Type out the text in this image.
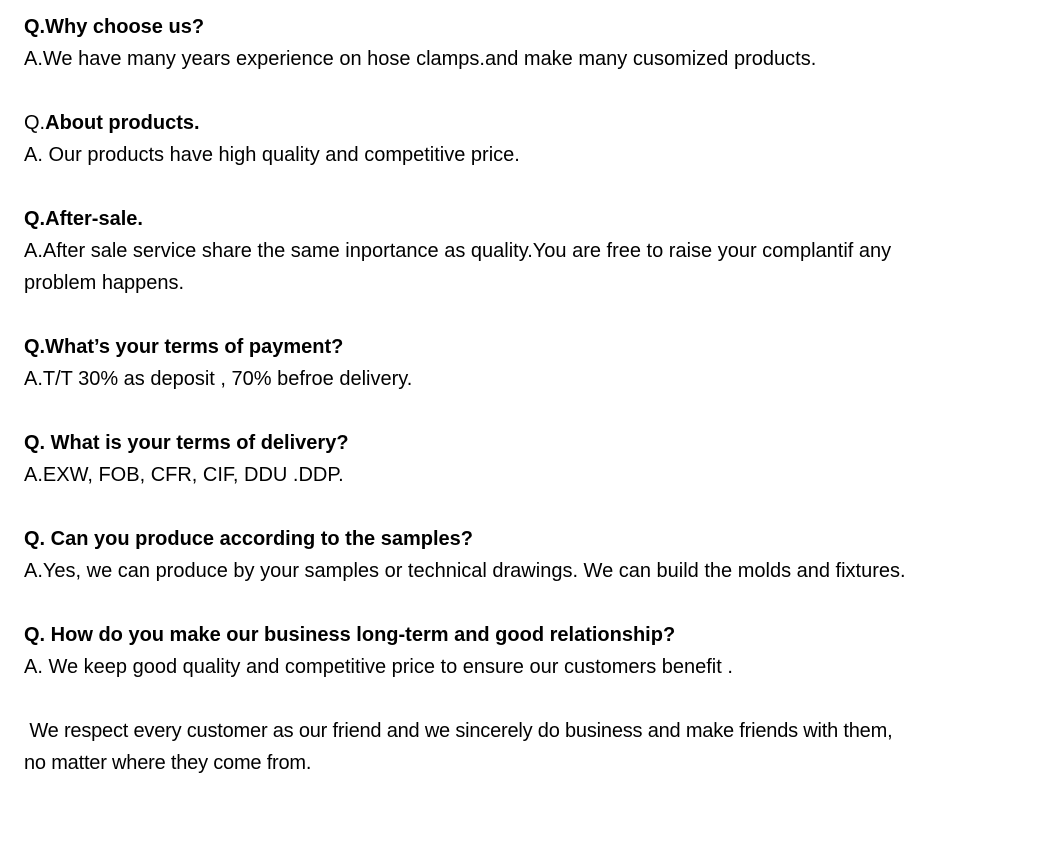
Q.Why choose us?
A.We have many years experience on hose clamps.and make many cusomized products.
Q.About products.
A. Our products have high quality and competitive price.
Q.After-sale.
A.After sale service share the same inportance as quality.You are free to raise your complantif any
problem happens.
Q.What’s your terms of payment?
A.T/T 30% as deposit , 70% befroe delivery.
Q. What is your terms of delivery?
A.EXW, FOB, CFR, CIF, DDU .DDP.
Q. Can you produce according to the samples?
A.Yes, we can produce by your samples or technical drawings. We can build the molds and fixtures.
Q. How do you make our business long-term and good relationship?
A. We keep good quality and competitive price to ensure our customers benefit .
We respect every customer as our friend and we sincerely do business and make friends with them,
no matter where they come from.
